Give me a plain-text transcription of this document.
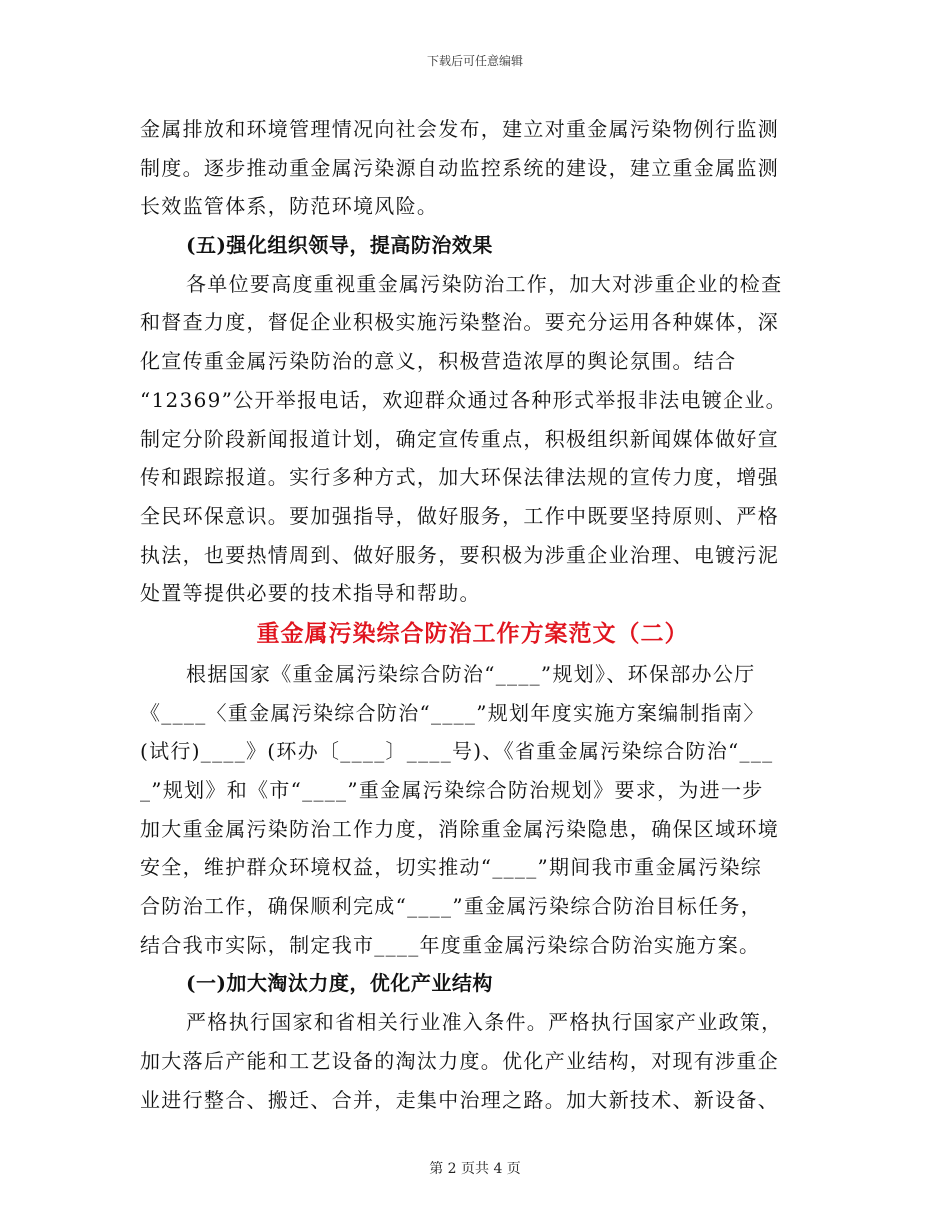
下载后可任意编辑
金属排放和环境管理情况向社会发布，建立对重金属污染物例行监测
制度。逐步推动重金属污染源自动监控系统的建设，建立重金属监测
长效监管体系，防范环境风险。
(五)强化组织领导，提高防治效果
各单位要高度重视重金属污染防治工作，加大对涉重企业的检查
和督查力度，督促企业积极实施污染整治。要充分运用各种媒体，深
化宣传重金属污染防治的意义，积极营造浓厚的舆论氛围。结合
“12369”公开举报电话，欢迎群众通过各种形式举报非法电镀企业。
制定分阶段新闻报道计划，确定宣传重点，积极组织新闻媒体做好宣
传和跟踪报道。实行多种方式，加大环保法律法规的宣传力度，增强
全民环保意识。要加强指导，做好服务，工作中既要坚持原则、严格
执法，也要热情周到、做好服务，要积极为涉重企业治理、电镀污泥
处置等提供必要的技术指导和帮助。
重金属污染综合防治工作方案范文（二）
根据国家《重金属污染综合防治“____”规划》、环保部办公厅
《____〈重金属污染综合防治“____”规划年度实施方案编制指南〉
(试行)____》(环办〔____〕____号)、《省重金属污染综合防治“___
_”规划》和《市“____”重金属污染综合防治规划》要求，为进一步
加大重金属污染防治工作力度，消除重金属污染隐患，确保区域环境
安全，维护群众环境权益，切实推动“____”期间我市重金属污染综
合防治工作，确保顺利完成“____”重金属污染综合防治目标任务，
结合我市实际，制定我市____年度重金属污染综合防治实施方案。
(一)加大淘汰力度，优化产业结构
严格执行国家和省相关行业准入条件。严格执行国家产业政策，
加大落后产能和工艺设备的淘汰力度。优化产业结构，对现有涉重企
业进行整合、搬迁、合并，走集中治理之路。加大新技术、新设备、
第 2 页共 4 页
